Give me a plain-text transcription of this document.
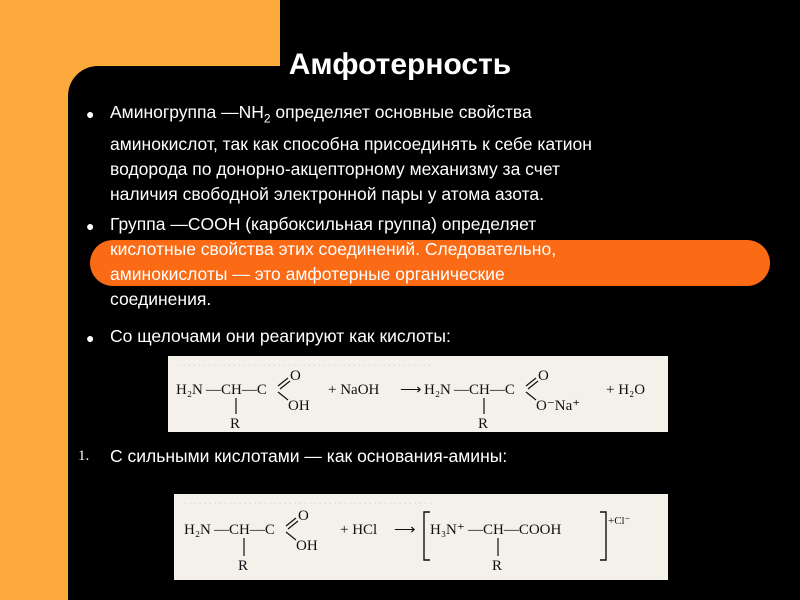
Амфотерность
● Аминогруппа $—NH_2$ определяет основные свойства
аминокислот, так как способна присоединять к себе катион
водорода по донорно-акцепторному механизму за счет
наличия свободной электронной пары у атома азота.
● Группа —COOH (карбоксильная группа) определяет
кислотные свойства этих соединений. Следовательно,
аминокислоты — это амфотерные органические
соединения.
● Со щелочами они реагируют как кислоты:
. . . . . . . . . . . . . . . . . . . . . . . . . . . . . . . . . . . . . . . . . . . . . . . . . . .
H₂N —CH—C
O
OH
R
+ NaOH ⟶ H₂N —CH—C
O
O⁻Na⁺
R
+ H₂O
1. С сильными кислотами — как основания-амины:
. . . . . . . . . . . . . . . . . . . . . . . . . . . . . . . . . . . . . . . . . . . . . . . . . .
H₂N —CH—C
O
OH
R
+ HCl ⟶ H₃N⁺ —CH—COOH
R
+Cl⁻
